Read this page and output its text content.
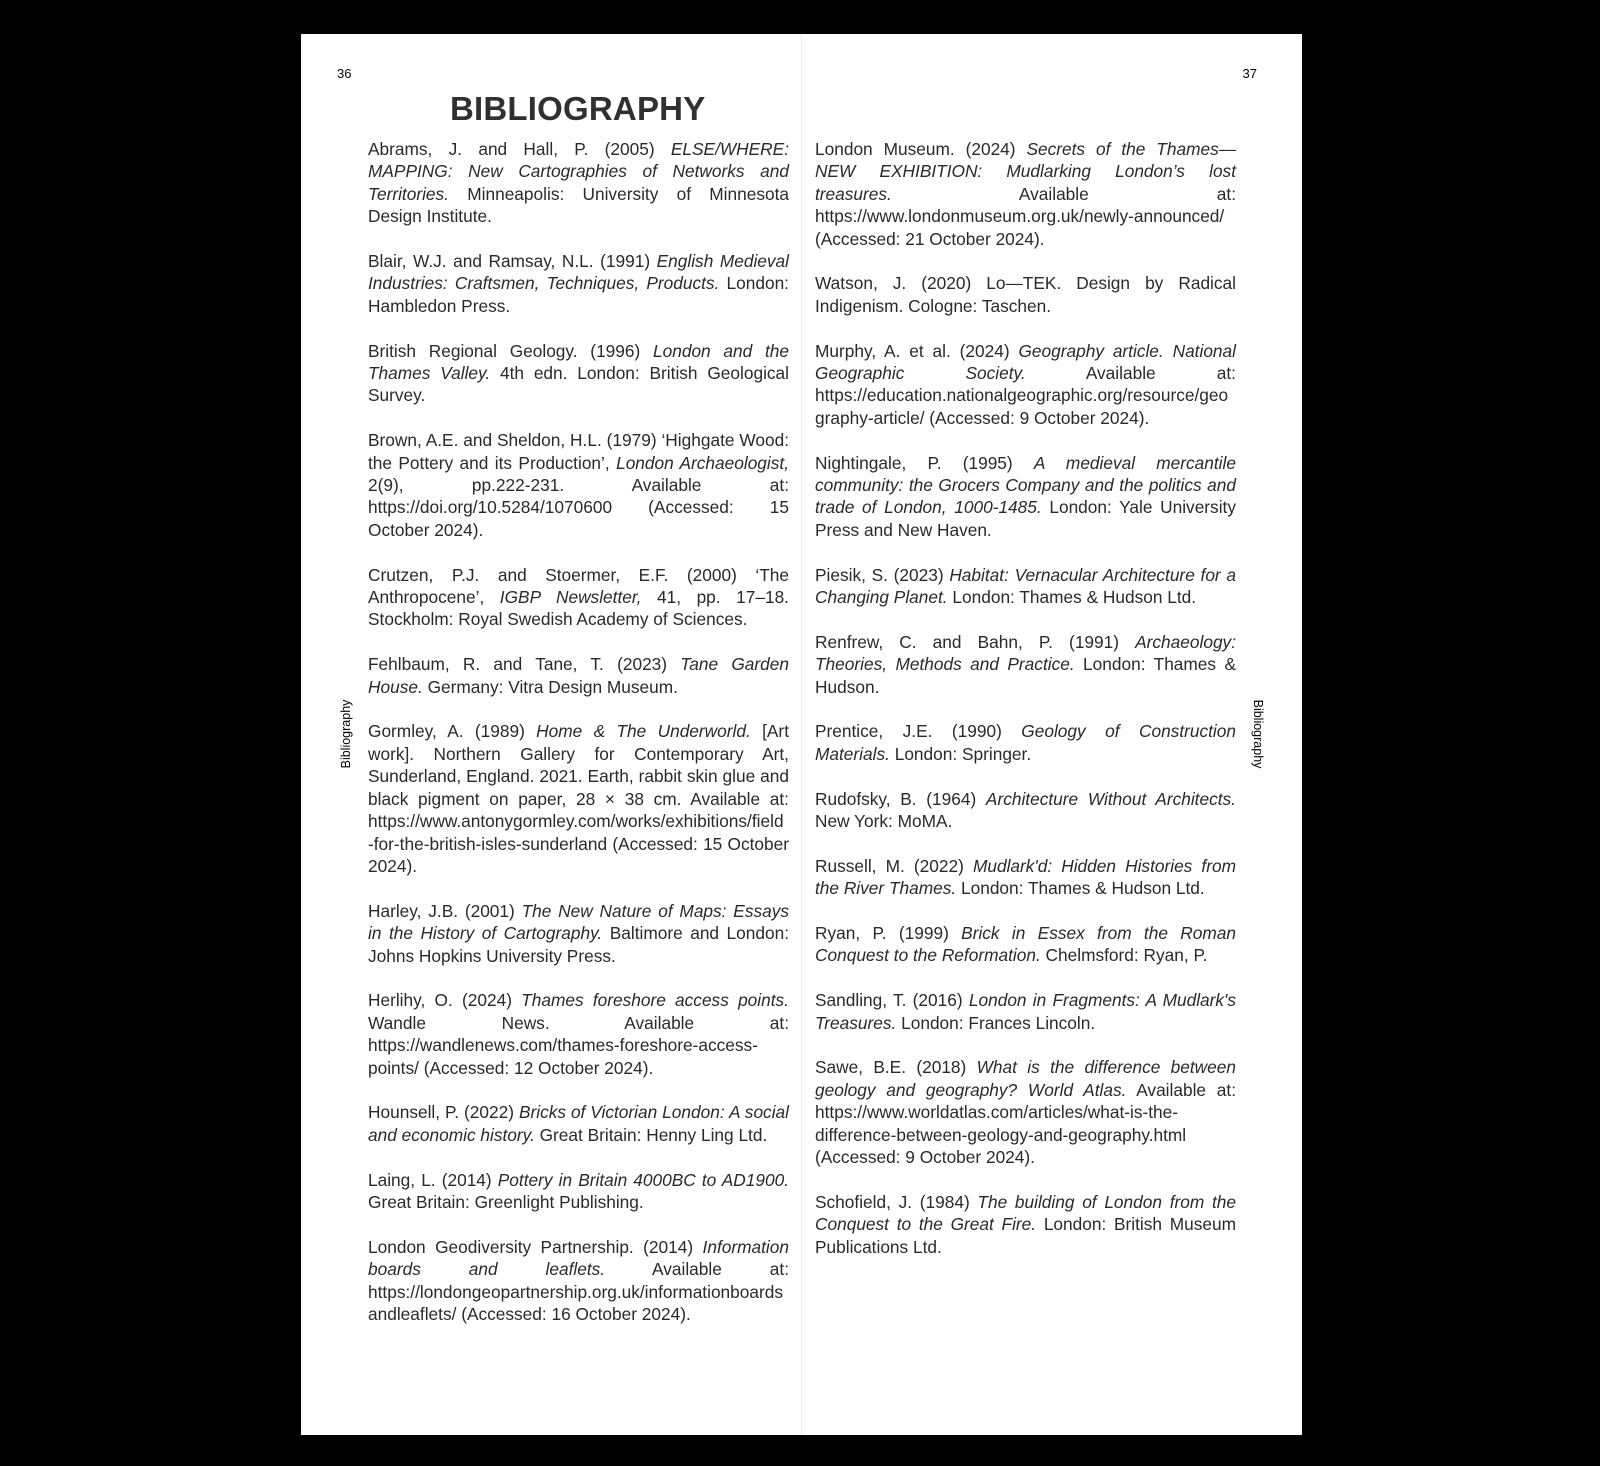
36	37
BIBLIOGRAPHY
Bibliography	Bibliography

Abrams, J. and Hall, P. (2005) ELSE/WHERE: MAPPING: New Cartographies of Networks and Territories. Minneapolis: University of Minnesota Design Institute.

Blair, W.J. and Ramsay, N.L. (1991) English Medieval Industries: Craftsmen, Techniques, Products. London: Hambledon Press.

British Regional Geology. (1996) London and the Thames Valley. 4th edn. London: British Geological Survey.

Brown, A.E. and Sheldon, H.L. (1979) ‘Highgate Wood: the Pottery and its Production’, London Archaeologist, 2(9), pp.222-231. Available at: https://doi.org/10.5284/1070600 (Accessed: 15 October 2024).

Crutzen, P.J. and Stoermer, E.F. (2000) ‘The Anthropocene’, IGBP Newsletter, 41, pp. 17–18. Stockholm: Royal Swedish Academy of Sciences.

Fehlbaum, R. and Tane, T. (2023) Tane Garden House. Germany: Vitra Design Museum.

Gormley, A. (1989) Home & The Underworld. [Art work]. Northern Gallery for Contemporary Art, Sunderland, England. 2021. Earth, rabbit skin glue and black pigment on paper, 28 × 38 cm. Available at: https://www.antonygormley.com/works/exhibitions/field-for-the-british-isles-sunderland (Accessed: 15 October 2024).

Harley, J.B. (2001) The New Nature of Maps: Essays in the History of Cartography. Baltimore and London: Johns Hopkins University Press.

Herlihy, O. (2024) Thames foreshore access points. Wandle News. Available at: https://wandlenews.com/thames-foreshore-access-points/ (Accessed: 12 October 2024).

Hounsell, P. (2022) Bricks of Victorian London: A social and economic history. Great Britain: Henny Ling Ltd.

Laing, L. (2014) Pottery in Britain 4000BC to AD1900. Great Britain: Greenlight Publishing.

London Geodiversity Partnership. (2014) Information boards and leaflets. Available at: https://londongeopartnership.org.uk/informationboardsandleaflets/ (Accessed: 16 October 2024).

London Museum. (2024) Secrets of the Thames—NEW EXHIBITION: Mudlarking London’s lost treasures. Available at: https://www.londonmuseum.org.uk/newly-announced/ (Accessed: 21 October 2024).

Watson, J. (2020) Lo—TEK. Design by Radical Indigenism. Cologne: Taschen.

Murphy, A. et al. (2024) Geography article. National Geographic Society. Available at: https://education.nationalgeographic.org/resource/geography-article/ (Accessed: 9 October 2024).

Nightingale, P. (1995) A medieval mercantile community: the Grocers Company and the politics and trade of London, 1000-1485. London: Yale University Press and New Haven.

Piesik, S. (2023) Habitat: Vernacular Architecture for a Changing Planet. London: Thames & Hudson Ltd.

Renfrew, C. and Bahn, P. (1991) Archaeology: Theories, Methods and Practice. London: Thames & Hudson.

Prentice, J.E. (1990) Geology of Construction Materials. London: Springer.

Rudofsky, B. (1964) Architecture Without Architects. New York: MoMA.

Russell, M. (2022) Mudlark'd: Hidden Histories from the River Thames. London: Thames & Hudson Ltd.

Ryan, P. (1999) Brick in Essex from the Roman Conquest to the Reformation. Chelmsford: Ryan, P.

Sandling, T. (2016) London in Fragments: A Mudlark's Treasures. London: Frances Lincoln.

Sawe, B.E. (2018) What is the difference between geology and geography? World Atlas. Available at: https://www.worldatlas.com/articles/what-is-the-difference-between-geology-and-geography.html (Accessed: 9 October 2024).

Schofield, J. (1984) The building of London from the Conquest to the Great Fire. London: British Museum Publications Ltd.
